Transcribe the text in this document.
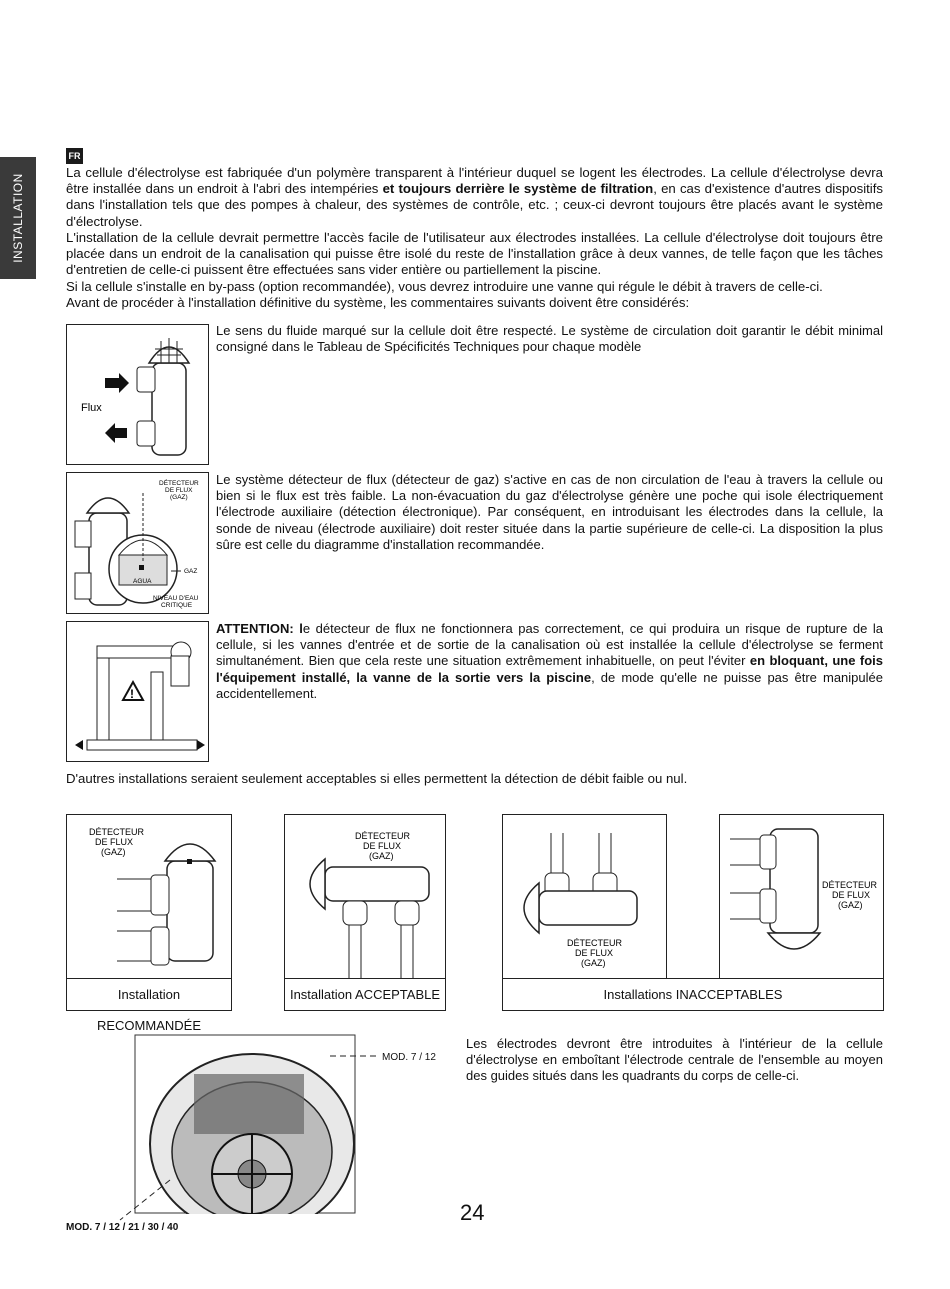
INSTALLATION
FR

La cellule d'électrolyse est fabriquée d'un polymère transparent à l'intérieur duquel se logent les électrodes. La cellule d'électrolyse devra être installée dans un endroit à l'abri des intempéries et toujours derrière le système de filtration, en cas d'existence d'autres dispositifs dans l'installation tels que des pompes à chaleur, des systèmes de contrôle, etc. ; ceux-ci devront toujours être placés avant le système d'électrolyse.

L'installation de la cellule devrait permettre l'accès facile de l'utilisateur aux électrodes installées. La cellule d'électrolyse doit toujours être placée dans un endroit de la canalisation qui puisse être isolé du reste de l'installation grâce à deux vannes, de telle façon que les tâches d'entretien de celle-ci puissent être effectuées sans vider entière ou partiellement la piscine.

Si la cellule s'installe en by-pass (option recommandée), vous devrez introduire une vanne qui régule le débit à travers de celle-ci.

Avant de procéder à l'installation définitive du système, les commentaires suivants doivent être considérés:

Flux

Le sens du fluide marqué sur la cellule doit être respecté. Le système de circulation doit garantir le débit minimal consigné dans le Tableau de Spécificités Techniques pour chaque modèle

DÉTECTEUR
DE FLUX
(GAZ)
GAZ
AGUA
NIVEAU D'EAU
CRITIQUE

Le système détecteur de flux (détecteur de gaz) s'active en cas de non circulation de l'eau à travers la cellule ou bien si le flux est très faible. La non-évacuation du gaz d'électrolyse génère une poche qui isole électriquement l'électrode auxiliaire (détection électronique). Par conséquent, en introduisant les électrodes dans la cellule, la sonde de niveau (électrode auxiliaire) doit rester située dans la partie supérieure de celle-ci. La disposition la plus sûre est celle du diagramme d'installation recommandée.

!

ATTENTION: le détecteur de flux ne fonctionnera pas correctement, ce qui produira un risque de rupture de la cellule, si les vannes d'entrée et de sortie de la canalisation où est installée la cellule d'électrolyse se ferment simultanément. Bien que cela reste une situation extrêmement inhabituelle, on peut l'éviter en bloquant, une fois l'équipement installé, la vanne de la sortie vers la piscine, de mode qu'elle ne puisse pas être manipulée accidentellement.

D'autres installations seraient seulement acceptables si elles permettent la détection de débit faible ou nul.

DÉTECTEUR
DE FLUX
(GAZ)
Installation RECOMMANDÉE
DÉTECTEUR
DE FLUX
(GAZ)
Installation ACCEPTABLE
DÉTECTEUR
DE FLUX
(GAZ)
DÉTECTEUR
DE FLUX
(GAZ)
Installations INACCEPTABLES
MOD. 7 / 12
MOD. 7 / 12 / 21 / 30 / 40

Les électrodes devront être introduites à l'intérieur de la cellule d'électrolyse en emboîtant l'électrode centrale de l'ensemble au moyen des guides situés dans les quadrants du corps de celle-ci.

24
